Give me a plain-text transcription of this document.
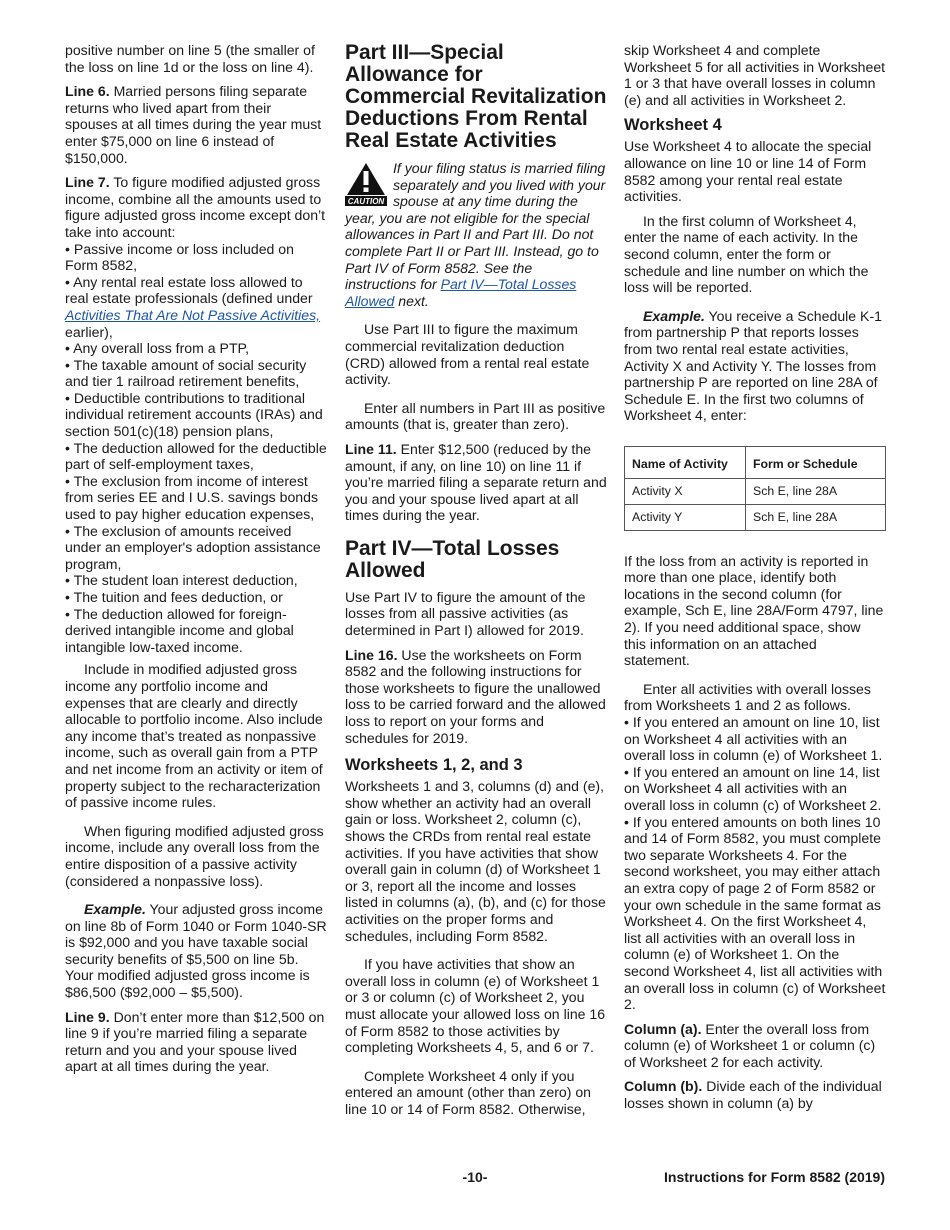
positive number on line 5 (the smaller of the loss on line 1d or the loss on line 4).

Line 6. Married persons filing separate returns who lived apart from their spouses at all times during the year must enter $75,000 on line 6 instead of $150,000.

Line 7. To figure modified adjusted gross income, combine all the amounts used to figure adjusted gross income except don’t take into account:

• Passive income or loss included on Form 8582,
• Any rental real estate loss allowed to real estate professionals (defined under Activities That Are Not Passive Activities, earlier),
• Any overall loss from a PTP,
• The taxable amount of social security and tier 1 railroad retirement benefits,
• Deductible contributions to traditional individual retirement accounts (IRAs) and section 501(c)(18) pension plans,
• The deduction allowed for the deductible part of self-employment taxes,
• The exclusion from income of interest from series EE and I U.S. savings bonds used to pay higher education expenses,
• The exclusion of amounts received under an employer's adoption assistance program,
• The student loan interest deduction,
• The tuition and fees deduction, or
• The deduction allowed for foreign-derived intangible income and global intangible low-taxed income.

Include in modified adjusted gross income any portfolio income and expenses that are clearly and directly allocable to portfolio income. Also include any income that’s treated as nonpassive income, such as overall gain from a PTP and net income from an activity or item of property subject to the recharacterization of passive income rules.

When figuring modified adjusted gross income, include any overall loss from the entire disposition of a passive activity (considered a nonpassive loss).

Example. Your adjusted gross income on line 8b of Form 1040 or Form 1040-SR is $92,000 and you have taxable social security benefits of $5,500 on line 5b. Your modified adjusted gross income is $86,500 ($92,000 – $5,500).

Line 9. Don’t enter more than $12,500 on line 9 if you’re married filing a separate return and you and your spouse lived apart at all times during the year.

Part III—Special Allowance for Commercial Revitalization Deductions From Rental Real Estate Activities
CAUTION
If your filing status is married filing separately and you lived with your spouse at any time during the year, you are not eligible for the special allowances in Part II and Part III. Do not complete Part II or Part III. Instead, go to Part IV of Form 8582. See the instructions for Part IV—Total Losses Allowed next.

Use Part III to figure the maximum commercial revitalization deduction (CRD) allowed from a rental real estate activity.

Enter all numbers in Part III as positive amounts (that is, greater than zero).

Line 11. Enter $12,500 (reduced by the amount, if any, on line 10) on line 11 if you’re married filing a separate return and you and your spouse lived apart at all times during the year.

Part IV—Total Losses Allowed

Use Part IV to figure the amount of the losses from all passive activities (as determined in Part I) allowed for 2019.

Line 16. Use the worksheets on Form 8582 and the following instructions for those worksheets to figure the unallowed loss to be carried forward and the allowed loss to report on your forms and schedules for 2019.

Worksheets 1, 2, and 3

Worksheets 1 and 3, columns (d) and (e), show whether an activity had an overall gain or loss. Worksheet 2, column (c), shows the CRDs from rental real estate activities. If you have activities that show overall gain in column (d) of Worksheet 1 or 3, report all the income and losses listed in columns (a), (b), and (c) for those activities on the proper forms and schedules, including Form 8582.

If you have activities that show an overall loss in column (e) of Worksheet 1 or 3 or column (c) of Worksheet 2, you must allocate your allowed loss on line 16 of Form 8582 to those activities by completing Worksheets 4, 5, and 6 or 7.

Complete Worksheet 4 only if you entered an amount (other than zero) on line 10 or 14 of Form 8582. Otherwise,

skip Worksheet 4 and complete Worksheet 5 for all activities in Worksheet 1 or 3 that have overall losses in column (e) and all activities in Worksheet 2.

Worksheet 4

Use Worksheet 4 to allocate the special allowance on line 10 or line 14 of Form 8582 among your rental real estate activities.

In the first column of Worksheet 4, enter the name of each activity. In the second column, enter the form or schedule and line number on which the loss will be reported.

Example. You receive a Schedule K-1 from partnership P that reports losses from two rental real estate activities, Activity X and Activity Y. The losses from partnership P are reported on line 28A of Schedule E. In the first two columns of Worksheet 4, enter:

Name of Activity	Form or Schedule
Activity X	Sch E, line 28A
Activity Y	Sch E, line 28A

If the loss from an activity is reported in more than one place, identify both locations in the second column (for example, Sch E, line 28A/Form 4797, line 2). If you need additional space, show this information on an attached statement.

Enter all activities with overall losses from Worksheets 1 and 2 as follows.

• If you entered an amount on line 10, list on Worksheet 4 all activities with an overall loss in column (e) of Worksheet 1.
• If you entered an amount on line 14, list on Worksheet 4 all activities with an overall loss in column (c) of Worksheet 2.
• If you entered amounts on both lines 10 and 14 of Form 8582, you must complete two separate Worksheets 4. For the second worksheet, you may either attach an extra copy of page 2 of Form 8582 or your own schedule in the same format as Worksheet 4. On the first Worksheet 4, list all activities with an overall loss in column (e) of Worksheet 1. On the second Worksheet 4, list all activities with an overall loss in column (c) of Worksheet 2.

Column (a). Enter the overall loss from column (e) of Worksheet 1 or column (c) of Worksheet 2 for each activity.

Column (b). Divide each of the individual losses shown in column (a) by

-10-	Instructions for Form 8582 (2019)
